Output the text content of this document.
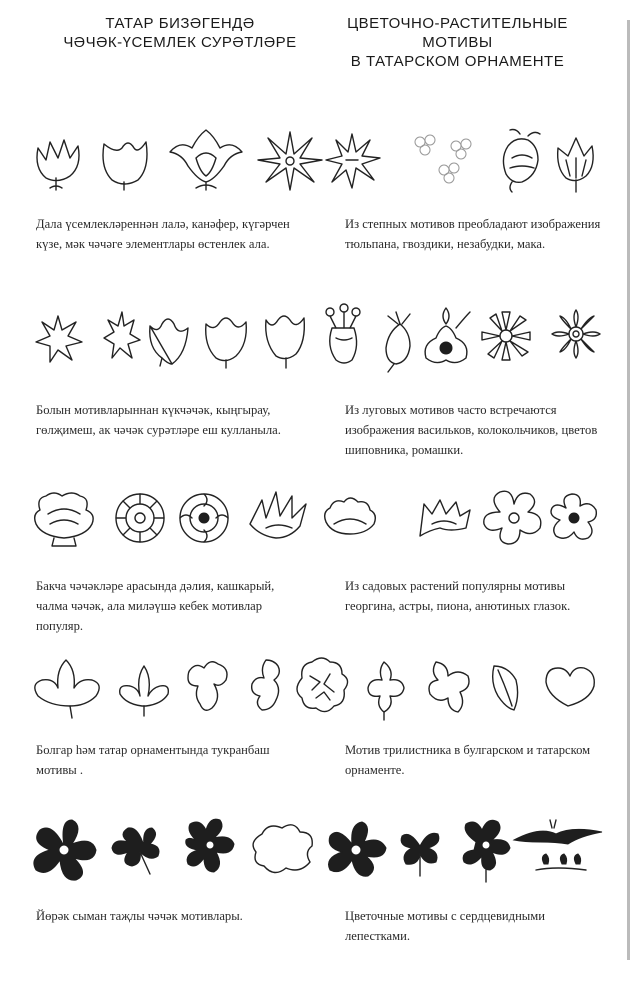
ТАТАР БИЗӘГЕНДӘ
ЧӘЧӘК-ҮСЕМЛЕК СУРӘТЛӘРЕ
ЦВЕТОЧНО-РАСТИТЕЛЬНЫЕ
МОТИВЫ
В ТАТАРСКОМ ОРНАМЕНТЕ
Дала үсемлекләреннән лалә, канәфер, күгәрчен күзе, мәк чәчәге элементлары өстенлек ала.
Из степных мотивов преобладают изображения тюльпана, гвоздики, незабудки, мака.
Болын мотивларыннан күкчәчәк, кыңгырау, гөлҗимеш, ак чәчәк сурәтләре еш кулланыла.
Из луговых мотивов часто встречаются изображения васильков, колокольчиков, цветов шиповника, ромашки.
Бакча чәчәкләре арасында дәлия, кашкарый, чалма чәчәк, ала миләүшә кебек мотивлар популяр.
Из садовых растений популярны мотивы георгина, астры, пиона, анютиных глазок.
Болгар һәм татар орнаментында тукранбаш мотивы .
Мотив трилистника в булгарском и татарском орнаменте.
Йөрәк сыман таҗлы чәчәк мотивлары.	Цветочные мотивы с сердцевидными лепестками.
